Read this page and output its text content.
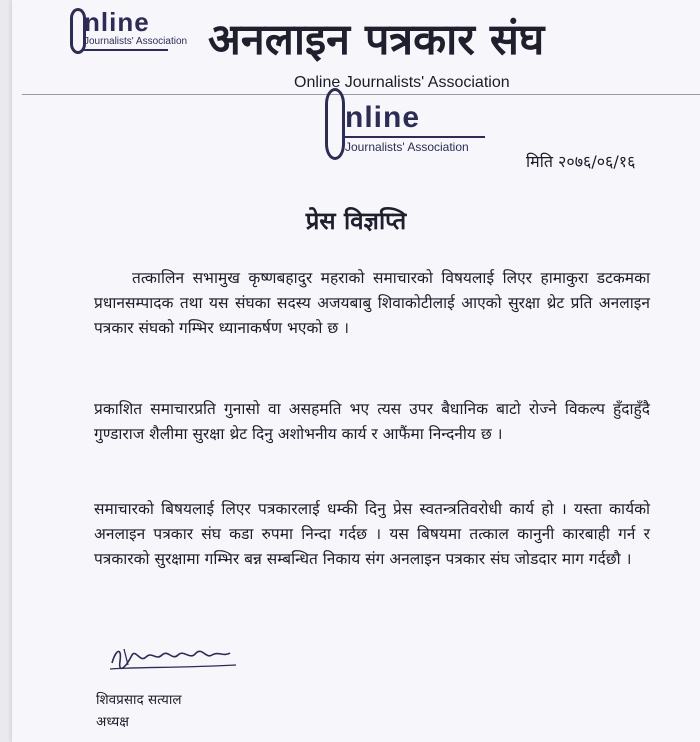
nline
Journalists' Association अनलाइन पत्रकार संघ
Online Journalists' Association
nline
Journalists' Association
मिति २०७६/०६/१६
प्रेस विज्ञप्ति

तत्कालिन सभामुख कृष्णबहादुर महराको समाचारको विषयलाई लिएर हामाकुरा डटकमका प्रधानसम्पादक तथा यस संघका सदस्य अजयबाबु शिवाकोटीलाई आएको सुरक्षा थ्रेट प्रति अनलाइन पत्रकार संघको गम्भिर ध्यानाकर्षण भएको छ ।

प्रकाशित समाचारप्रति गुनासो वा असहमति भए त्यस उपर बैधानिक बाटो रोज्ने विकल्प हुँदाहुँदै गुण्डाराज शैलीमा सुरक्षा थ्रेट दिनु अशोभनीय कार्य र आफैंमा निन्दनीय छ ।

समाचारको बिषयलाई लिएर पत्रकारलाई धम्की दिनु प्रेस स्वतन्त्रतिवरोधी कार्य हो । यस्ता कार्यको अनलाइन पत्रकार संघ कडा रुपमा निन्दा गर्दछ । यस बिषयमा तत्काल कानुनी कारबाही गर्न र पत्रकारको सुरक्षामा गम्भिर बन्न सम्बन्धित निकाय संग अनलाइन पत्रकार संघ जोडदार माग गर्दछौ ।

शिवप्रसाद सत्याल
अध्यक्ष
